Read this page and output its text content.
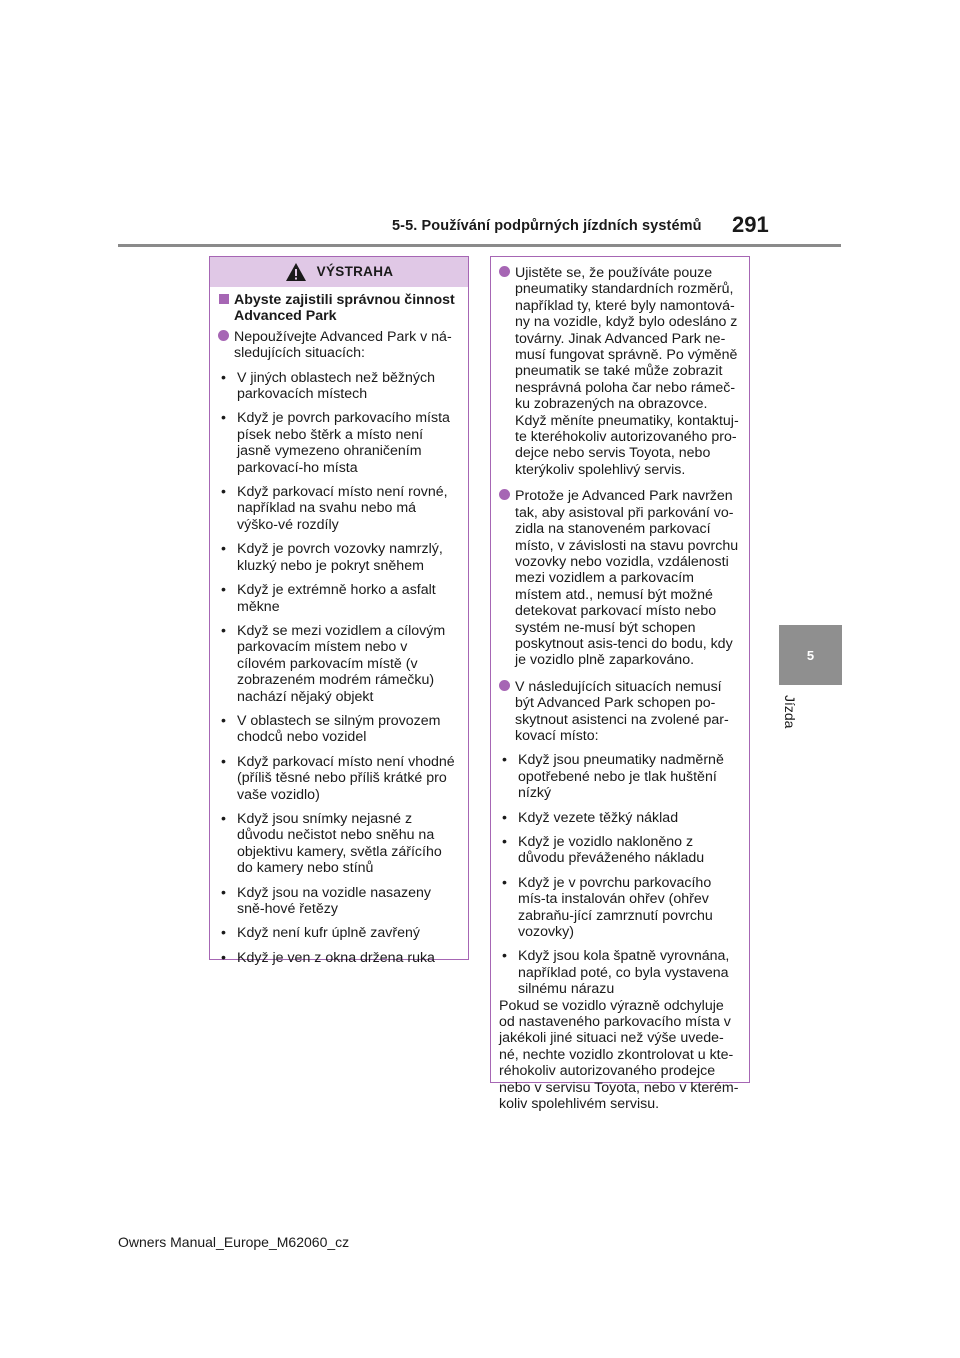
5-5. Používání podpůrných jízdních systémů 291
5
Jízda
VÝSTRAHA
Abyste zajistili správnou činnost Advanced Park
Nepoužívejte Advanced Park v ná-sledujících situacích:
• V jiných oblastech než běžných parkovacích místech
• Když je povrch parkovacího místa písek nebo štěrk a místo není jasně vymezeno ohraničením parkovací-ho místa
• Když parkovací místo není rovné, například na svahu nebo má výško-vé rozdíly
• Když je povrch vozovky namrzlý, kluzký nebo je pokryt sněhem
• Když je extrémně horko a asfalt měkne
• Když se mezi vozidlem a cílovým parkovacím místem nebo v cílovém parkovacím místě (v zobrazeném modrém rámečku) nachází nějaký objekt
• V oblastech se silným provozem chodců nebo vozidel
• Když parkovací místo není vhodné (příliš těsné nebo příliš krátké pro vaše vozidlo)
• Když jsou snímky nejasné z důvodu nečistot nebo sněhu na objektivu kamery, světla zářícího do kamery nebo stínů
• Když jsou na vozidle nasazeny sně-hové řetězy
• Když není kufr úplně zavřený
• Když je ven z okna držena ruka
Ujistěte se, že používáte pouze pneumatiky standardních rozměrů, například ty, které byly namontová-ny na vozidle, když bylo odesláno z továrny. Jinak Advanced Park ne-musí fungovat správně. Po výměně pneumatik se také může zobrazit nesprávná poloha čar nebo rámeč-ku zobrazených na obrazovce. Když měníte pneumatiky, kontaktuj-te kteréhokoliv autorizovaného pro-dejce nebo servis Toyota, nebo kterýkoliv spolehlivý servis.
Protože je Advanced Park navržen tak, aby asistoval při parkování vo-zidla na stanoveném parkovací místo, v závislosti na stavu povrchu vozovky nebo vozidla, vzdálenosti mezi vozidlem a parkovacím místem atd., nemusí být možné detekovat parkovací místo nebo systém ne-musí být schopen poskytnout asis-tenci do bodu, kdy je vozidlo plně zaparkováno.
V následujících situacích nemusí být Advanced Park schopen po-skytnout asistenci na zvolené par-kovací místo:
• Když jsou pneumatiky nadměrně opotřebené nebo je tlak huštění nízký
• Když vezete těžký náklad
• Když je vozidlo nakloněno z důvodu převáženého nákladu
• Když je v povrchu parkovacího mís-ta instalován ohřev (ohřev zabraňu-jící zamrznutí povrchu vozovky)
• Když jsou kola špatně vyrovnána, například poté, co byla vystavena silnému nárazu
Pokud se vozidlo výrazně odchyluje od nastaveného parkovacího místa v jakékoli jiné situaci než výše uvede-né, nechte vozidlo zkontrolovat u kte-réhokoliv autorizovaného prodejce nebo v servisu Toyota, nebo v kterém-koliv spolehlivém servisu.
Owners Manual_Europe_M62060_cz
